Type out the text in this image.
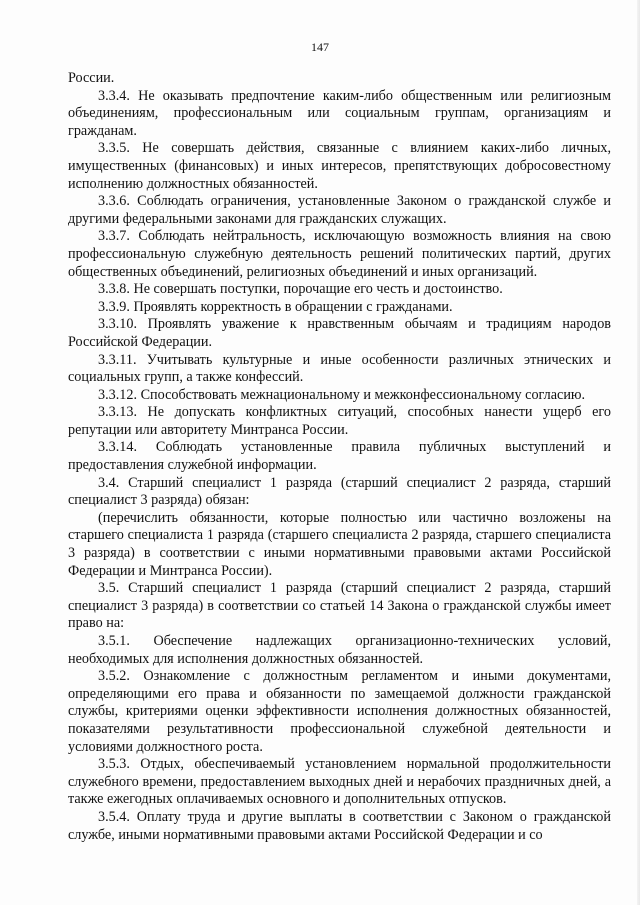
147

России.

3.3.4. Не оказывать предпочтение каким-либо общественным или религиозным объединениям, профессиональным или социальным группам, организациям и гражданам.

3.3.5. Не совершать действия, связанные с влиянием каких-либо личных, имущественных (финансовых) и иных интересов, препятствующих добросовестному исполнению должностных обязанностей.

3.3.6. Соблюдать ограничения, установленные Законом о гражданской службе и другими федеральными законами для гражданских служащих.

3.3.7. Соблюдать нейтральность, исключающую возможность влияния на свою профессиональную служебную деятельность решений политических партий, других общественных объединений, религиозных объединений и иных организаций.

3.3.8. Не совершать поступки, порочащие его честь и достоинство.

3.3.9. Проявлять корректность в обращении с гражданами.

3.3.10. Проявлять уважение к нравственным обычаям и традициям народов Российской Федерации.

3.3.11. Учитывать культурные и иные особенности различных этнических и социальных групп, а также конфессий.

3.3.12. Способствовать межнациональному и межконфессиональному согласию.

3.3.13. Не допускать конфликтных ситуаций, способных нанести ущерб его репутации или авторитету Минтранса России.

3.3.14. Соблюдать установленные правила публичных выступлений и предоставления служебной информации.

3.4. Старший специалист 1 разряда (старший специалист 2 разряда, старший специалист 3 разряда) обязан:

(перечислить обязанности, которые полностью или частично возложены на старшего специалиста 1 разряда (старшего специалиста 2 разряда, старшего специалиста 3 разряда) в соответствии с иными нормативными правовыми актами Российской Федерации и Минтранса России).

3.5. Старший специалист 1 разряда (старший специалист 2 разряда, старший специалист 3 разряда) в соответствии со статьей 14 Закона о гражданской службы имеет право на:

3.5.1. Обеспечение надлежащих организационно-технических условий, необходимых для исполнения должностных обязанностей.

3.5.2. Ознакомление с должностным регламентом и иными документами, определяющими его права и обязанности по замещаемой должности гражданской службы, критериями оценки эффективности исполнения должностных обязанностей, показателями результативности профессиональной служебной деятельности и условиями должностного роста.

3.5.3. Отдых, обеспечиваемый установлением нормальной продолжительности служебного времени, предоставлением выходных дней и нерабочих праздничных дней, а также ежегодных оплачиваемых основного и дополнительных отпусков.

3.5.4. Оплату труда и другие выплаты в соответствии с Законом о гражданской службе, иными нормативными правовыми актами Российской Федерации и со
